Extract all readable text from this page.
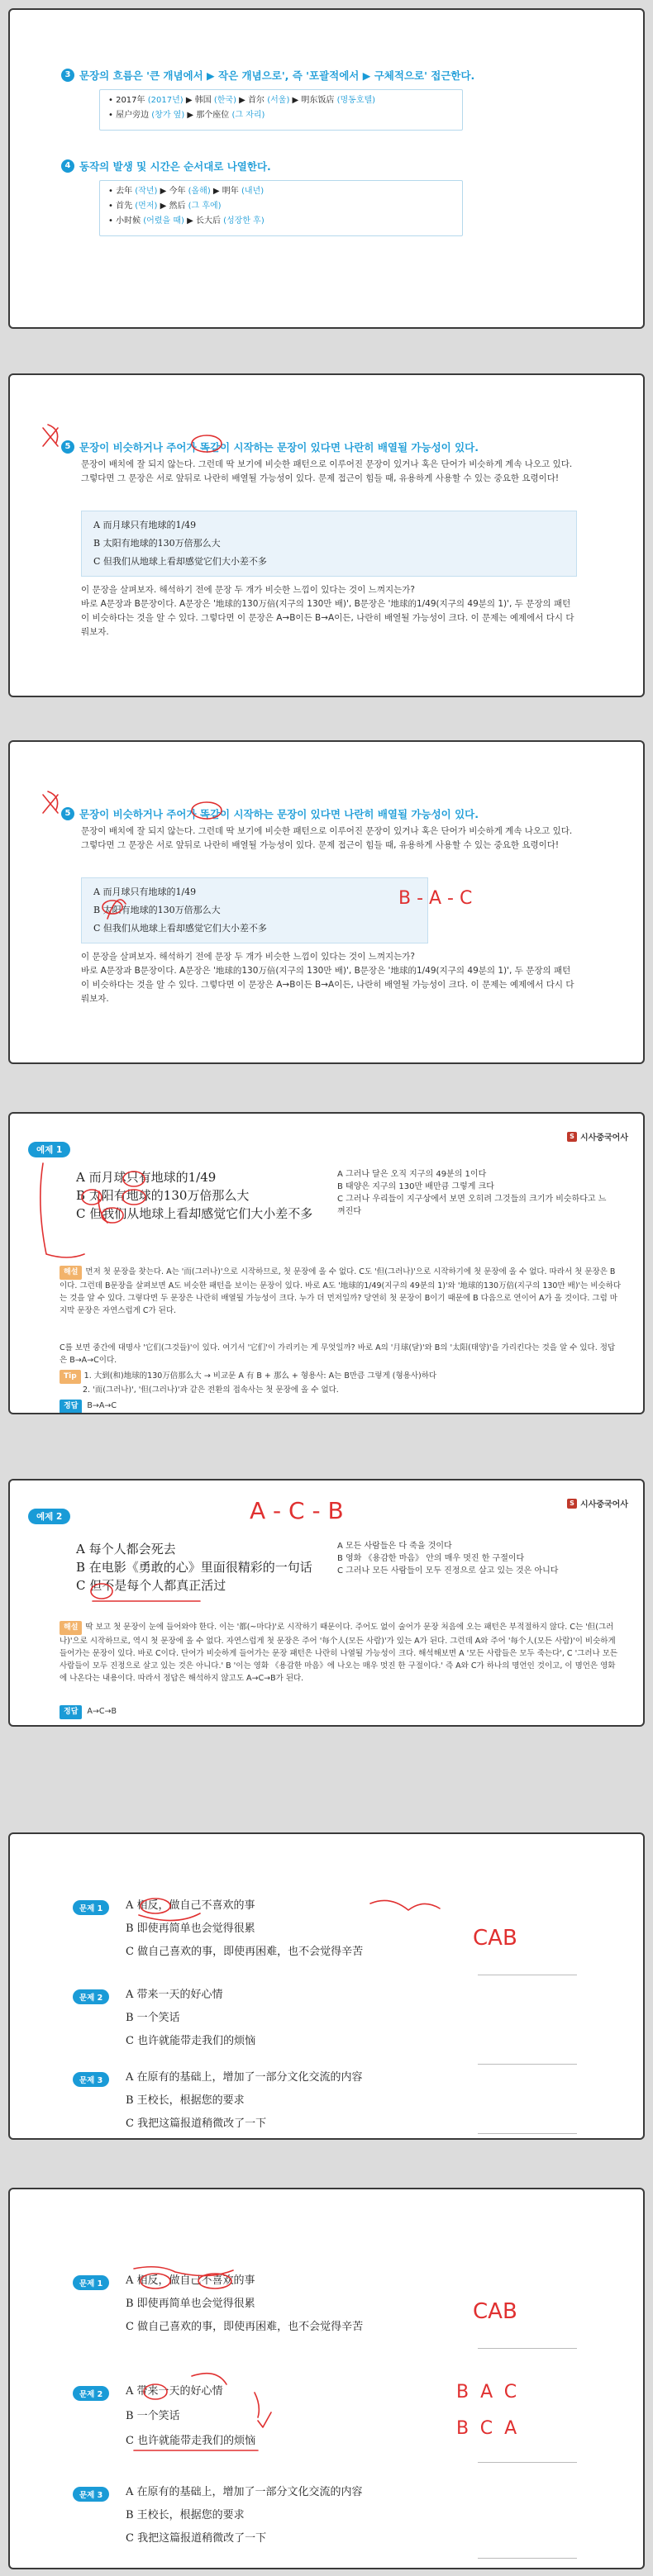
3 문장의 흐름은 '큰 개념에서 ▶ 작은 개념으로', 즉 '포괄적에서 ▶ 구체적으로' 접근한다.
• 2017年 (2017년) ▶ 韩国 (한국) ▶ 首尔 (서울) ▶ 明东饭店 (명동호텔)
• 屋户旁边 (창가 옆) ▶ 那个座位 (그 자리)
4 동작의 발생 및 시간은 순서대로 나열한다.
• 去年 (작년) ▶ 今年 (올해) ▶ 明年 (내년)
• 首先 (먼저) ▶ 然后 (그 후에)
• 小时候 (어렸을 때) ▶ 长大后 (성장한 후)
5 문장이 비슷하거나 주어가 똑같이 시작하는 문장이 있다면 나란히 배열될 가능성이 있다.
문장이 배치에 잘 되지 않는다. 그런데 딱 보기에 비슷한 패턴으로 이루어진 문장이 있거나 혹은 단어가 비슷하게 계속 나오고 있다. 그렇다면 그 문장은 서로 앞뒤로 나란히 배열될 가능성이 있다. 문제 접근이 힘들 때, 유용하게 사용할 수 있는 중요한 요령이다!
A 而月球只有地球的1/49
B 太阳有地球的130万倍那么大
C 但我们从地球上看却感觉它们大小差不多
이 문장을 살펴보자. 해석하기 전에 문장 두 개가 비슷한 느낌이 있다는 것이 느껴지는가?
바로 A문장과 B문장이다. A문장은 '地球的130万倍(지구의 130만 배)', B문장은 '地球的1/49(지구의 49분의 1)', 두 문장의 패턴이 비슷하다는 것을 알 수 있다. 그렇다면 이 문장은 A→B이든 B→A이든, 나란히 배열될 가능성이 크다. 이 문제는 예제에서 다시 다뤄보자.
5 문장이 비슷하거나 주어가 똑같이 시작하는 문장이 있다면 나란히 배열될 가능성이 있다.
문장이 배치에 잘 되지 않는다. 그런데 딱 보기에 비슷한 패턴으로 이루어진 문장이 있거나 혹은 단어가 비슷하게 계속 나오고 있다. 그렇다면 그 문장은 서로 앞뒤로 나란히 배열될 가능성이 있다. 문제 접근이 힘들 때, 유용하게 사용할 수 있는 중요한 요령이다!
A 而月球只有地球的1/49
B 太阳有地球的130万倍那么大
C 但我们从地球上看却感觉它们大小差不多
이 문장을 살펴보자. 해석하기 전에 문장 두 개가 비슷한 느낌이 있다는 것이 느껴지는가?
바로 A문장과 B문장이다. A문장은 '地球的130万倍(지구의 130만 배)', B문장은 '地球的1/49(지구의 49분의 1)', 두 문장의 패턴이 비슷하다는 것을 알 수 있다. 그렇다면 이 문장은 A→B이든 B→A이든, 나란히 배열될 가능성이 크다. 이 문제는 예제에서 다시 다뤄보자.
B - A - C
예제 1
S 시사중국어사
A 而月球只有地球的1/49
B 太阳有地球的130万倍那么大
C 但我们从地球上看却感觉它们大小差不多
A 그러나 달은 오직 지구의 49분의 1이다
B 태양은 지구의 130만 배만큼 그렇게 크다
C 그러나 우리들이 지구상에서 보면 오히려 그것들의 크기가 비슷하다고 느껴진다
해설 먼저 첫 문장을 찾는다. A는 '而(그러나)'으로 시작하므로, 첫 문장에 올 수 없다. C도 '但(그러나)'으로 시작하기에 첫 문장에 올 수 없다. 따라서 첫 문장은 B이다. 그런데 B문장을 살펴보면 A도 비슷한 패턴을 보이는 문장이 있다. 바로 A도 '地球的1/49(지구의 49분의 1)'와 '地球的130万倍(지구의 130만 배)'는 비슷하다는 것을 알 수 있다. 그렇다면 두 문장은 나란히 배열될 가능성이 크다. 누가 더 먼저일까? 당연히 첫 문장이 B이기 때문에 B 다음으로 연이어 A가 올 것이다. 그럼 마지막 문장은 자연스럽게 C가 된다.
C를 보면 중간에 대명사 '它们(그것들)'이 있다. 여기서 '它们'이 가리키는 게 무엇일까? 바로 A의 '月球(달)'와 B의 '太阳(태양)'을 가리킨다는 것을 알 수 있다. 정답은 B→A→C이다.
Tip 1. 大到(和)地球的130万倍那么大 → 비교문 A 有 B + 那么 + 형용사: A는 B만큼 그렇게 (형용사)하다
2. '而(그러나)', '但(그러나)'과 같은 전환의 접속사는 첫 문장에 올 수 없다.
정답 B→A→C
예제 2
S 시사중국어사
A 每个人都会死去
B 在电影《勇敢的心》里面很精彩的一句话
C 但不是每个人都真正活过
A 모든 사람들은 다 죽을 것이다
B 영화 《용감한 마음》 안의 매우 멋진 한 구절이다
C 그러나 모든 사람들이 모두 진정으로 살고 있는 것은 아니다
해설 딱 보고 첫 문장이 눈에 들어와야 한다. 이는 '都(~마다)'로 시작하기 때문이다. 주어도 없이 술어가 문장 처음에 오는 패턴은 부적절하지 않다. C는 '但(그러나)'으로 시작하므로, 역시 첫 문장에 올 수 없다. 자연스럽게 첫 문장은 주어 '每个人(모든 사람)'가 있는 A가 된다. 그런데 A와 주어 '每个人(모든 사람)'이 비슷하게 들어가는 문장이 있다. 바로 C이다. 단어가 비슷하게 들어가는 문장 패턴은 나란히 나열될 가능성이 크다. 해석해보면 A '모든 사람들은 모두 죽는다', C '그러나 모든 사람들이 모두 진정으로 살고 있는 것은 아니다.' B '이는 영화 《용감한 마음》에 나오는 매우 멋진 한 구절이다.' 즉 A와 C가 하나의 명언인 것이고, 이 명언은 영화에 나온다는 내용이다. 따라서 정답은 해석하지 않고도 A→C→B가 된다.
정답 A→C→B
A - C - B
문제 1	A 相反，做自己不喜欢的事
B 即使再简单也会觉得很累
C 做自己喜欢的事，即使再困难，也不会觉得辛苦
문제 2	A 带来一天的好心情
B 一个笑话
C 也许就能带走我们的烦恼
문제 3	A 在原有的基础上，增加了一部分文化交流的内容
B 王校长，根据您的要求
C 我把这篇报道稍微改了一下
CAB
문제 1	A 相反，做自己不喜欢的事
B 即使再简单也会觉得很累
C 做自己喜欢的事，即使再困难，也不会觉得辛苦
문제 2	A 带来一天的好心情
B 一个笑话
C 也许就能带走我们的烦恼
문제 3	A 在原有的基础上，增加了一部分文化交流的内容
B 王校长，根据您的要求
C 我把这篇报道稍微改了一下
CAB
BAC
BCA
